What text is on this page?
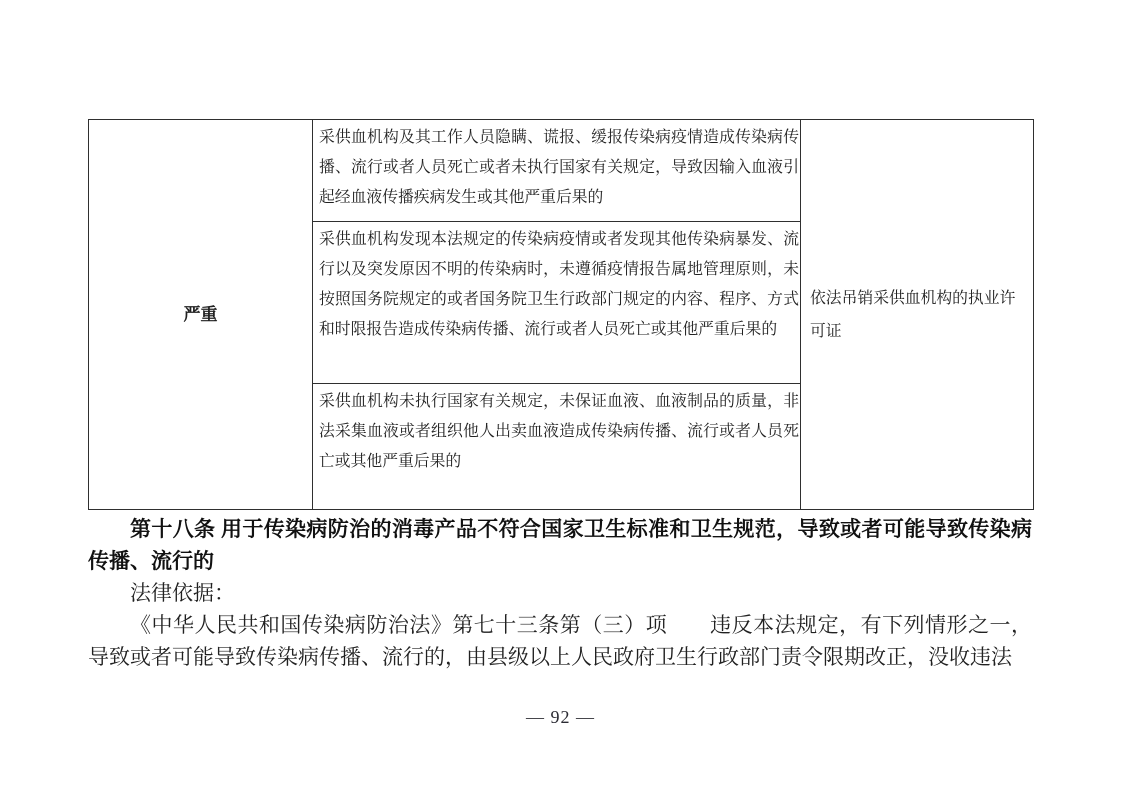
严重	采供血机构及其工作人员隐瞒、谎报、缓报传染病疫情造成传染病传播、流行或者人员死亡或者未执行国家有关规定，导致因输入血液引起经血液传播疾病发生或其他严重后果的	依法吊销采供血机构的执业许可证
采供血机构发现本法规定的传染病疫情或者发现其他传染病暴发、流行以及突发原因不明的传染病时，未遵循疫情报告属地管理原则，未按照国务院规定的或者国务院卫生行政部门规定的内容、程序、方式和时限报告造成传染病传播、流行或者人员死亡或其他严重后果的
采供血机构未执行国家有关规定，未保证血液、血液制品的质量，非法采集血液或者组织他人出卖血液造成传染病传播、流行或者人员死亡或其他严重后果的

第十八条 用于传染病防治的消毒产品不符合国家卫生标准和卫生规范，导致或者可能导致传染病传播、流行的

法律依据：

《中华人民共和国传染病防治法》第七十三条第（三）项　　违反本法规定，有下列情形之一，导致或者可能导致传染病传播、流行的，由县级以上人民政府卫生行政部门责令限期改正，没收违法

— 92 —
